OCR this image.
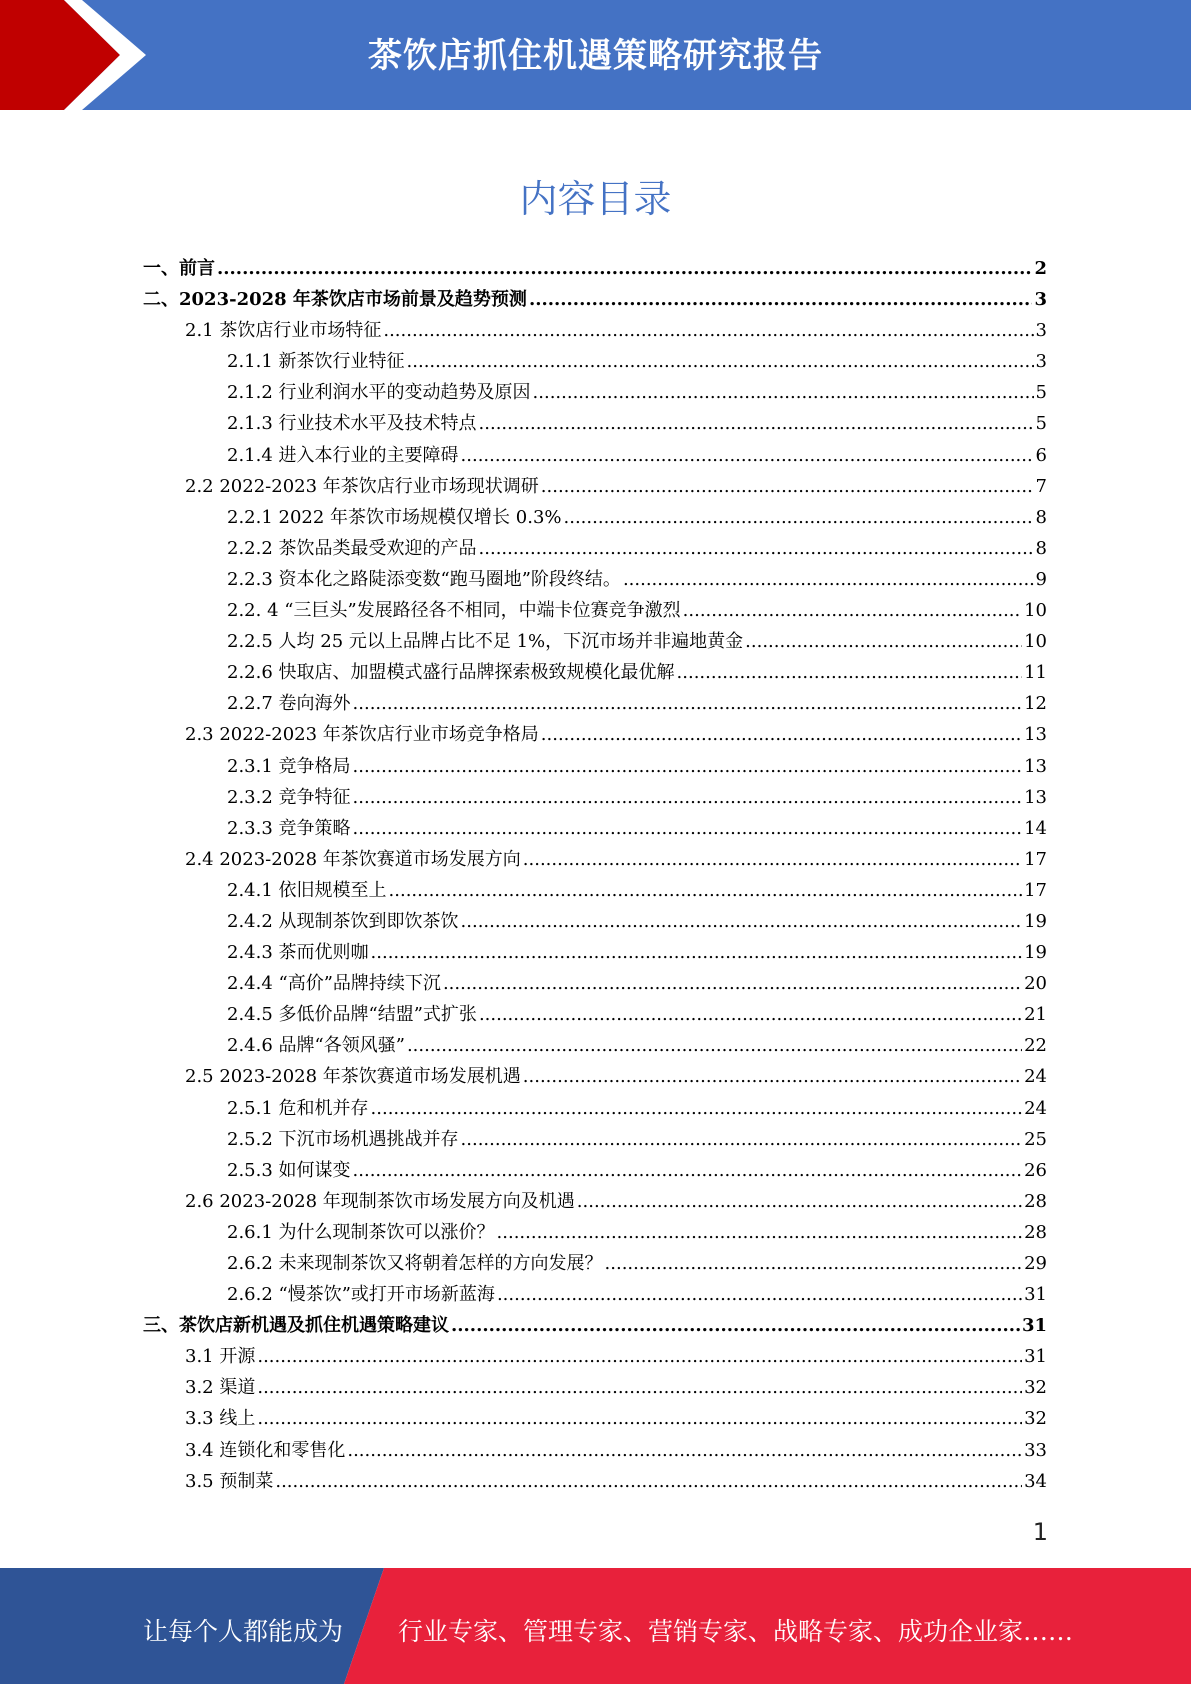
茶饮店抓住机遇策略研究报告
内容目录
一、前言 .....	2
二、2023-2028 年茶饮店市场前景及趋势预测 .....	3
2.1 茶饮店行业市场特征 .....	3
2.1.1 新茶饮行业特征 .....	3
2.1.2 行业利润水平的变动趋势及原因 .....	5
2.1.3 行业技术水平及技术特点 .....	5
2.1.4 进入本行业的主要障碍 .....	6
2.2 2022-2023 年茶饮店行业市场现状调研 .....	7
2.2.1 2022 年茶饮市场规模仅增长 0.3% .....	8
2.2.2 茶饮品类最受欢迎的产品 .....	8
2.2.3 资本化之路陡添变数“跑马圈地”阶段终结。 .....	9
2.2. 4 “三巨头”发展路径各不相同，中端卡位赛竞争激烈 .....	10
2.2.5 人均 25 元以上品牌占比不足 1%，下沉市场并非遍地黄金 .....	10
2.2.6 快取店、加盟模式盛行品牌探索极致规模化最优解 .....	11
2.2.7 卷向海外 .....	12
2.3 2022-2023 年茶饮店行业市场竞争格局 .....	13
2.3.1 竞争格局 .....	13
2.3.2 竞争特征 .....	13
2.3.3 竞争策略 .....	14
2.4 2023-2028 年茶饮赛道市场发展方向 .....	17
2.4.1 依旧规模至上 .....	17
2.4.2 从现制茶饮到即饮茶饮 .....	19
2.4.3 茶而优则咖 .....	19
2.4.4 “高价”品牌持续下沉 .....	20
2.4.5 多低价品牌“结盟”式扩张 .....	21
2.4.6 品牌“各领风骚” .....	22
2.5 2023-2028 年茶饮赛道市场发展机遇 .....	24
2.5.1 危和机并存 .....	24
2.5.2 下沉市场机遇挑战并存 .....	25
2.5.3 如何谋变 .....	26
2.6 2023-2028 年现制茶饮市场发展方向及机遇 .....	28
2.6.1 为什么现制茶饮可以涨价？ .....	28
2.6.2 未来现制茶饮又将朝着怎样的方向发展？ .....	29
2.6.2 “慢茶饮”或打开市场新蓝海 .....	31
三、茶饮店新机遇及抓住机遇策略建议 .....	31
3.1 开源 .....	31
3.2 渠道 .....	32
3.3 线上 .....	32
3.4 连锁化和零售化 .....	33
3.5 预制菜 .....	34
1
让每个人都能成为 行业专家、管理专家、营销专家、战略专家、成功企业家……
